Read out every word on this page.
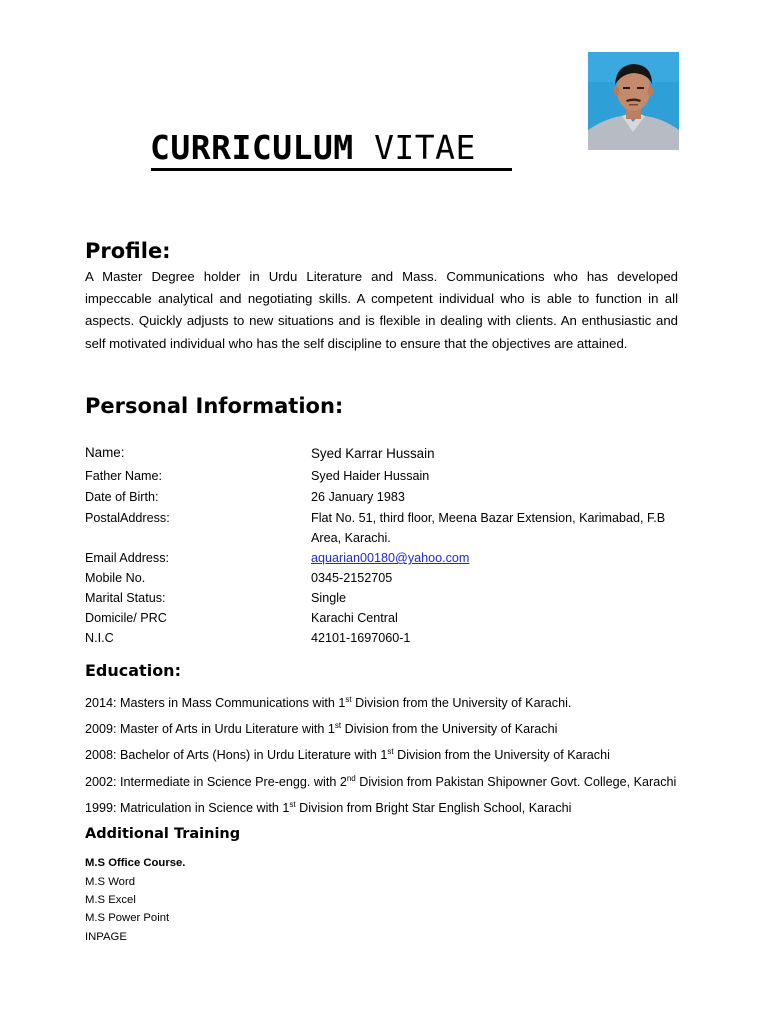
CURRICULUM VITAE
Profile:
A Master Degree holder in Urdu Literature and Mass. Communications who has developed impeccable analytical and negotiating skills. A competent individual who is able to function in all aspects. Quickly adjusts to new situations and is flexible in dealing with clients. An enthusiastic and self motivated individual who has the self discipline to ensure that the objectives are attained.
Personal Information:
Name:	Syed Karrar Hussain
Father Name:	Syed Haider Hussain
Date of Birth:	26 January 1983
PostalAddress:	Flat No. 51, third floor, Meena Bazar Extension, Karimabad, F.B
Area, Karachi.
Email Address:	aquarian00180@yahoo.com
Mobile No.	0345-2152705
Marital Status:	Single
Domicile/ PRC	Karachi Central
N.I.C	42101-1697060-1
Education:
2014: Masters in Mass Communications with 1st Division from the University of Karachi.
2009: Master of Arts in Urdu Literature with 1st Division from the University of Karachi
2008: Bachelor of Arts (Hons) in Urdu Literature with 1st Division from the University of Karachi
2002: Intermediate in Science Pre-engg. with 2nd Division from Pakistan Shipowner Govt. College, Karachi
1999: Matriculation in Science with 1st Division from Bright Star English School, Karachi
Additional Training
M.S Office Course.
M.S Word
M.S Excel
M.S Power Point
INPAGE
